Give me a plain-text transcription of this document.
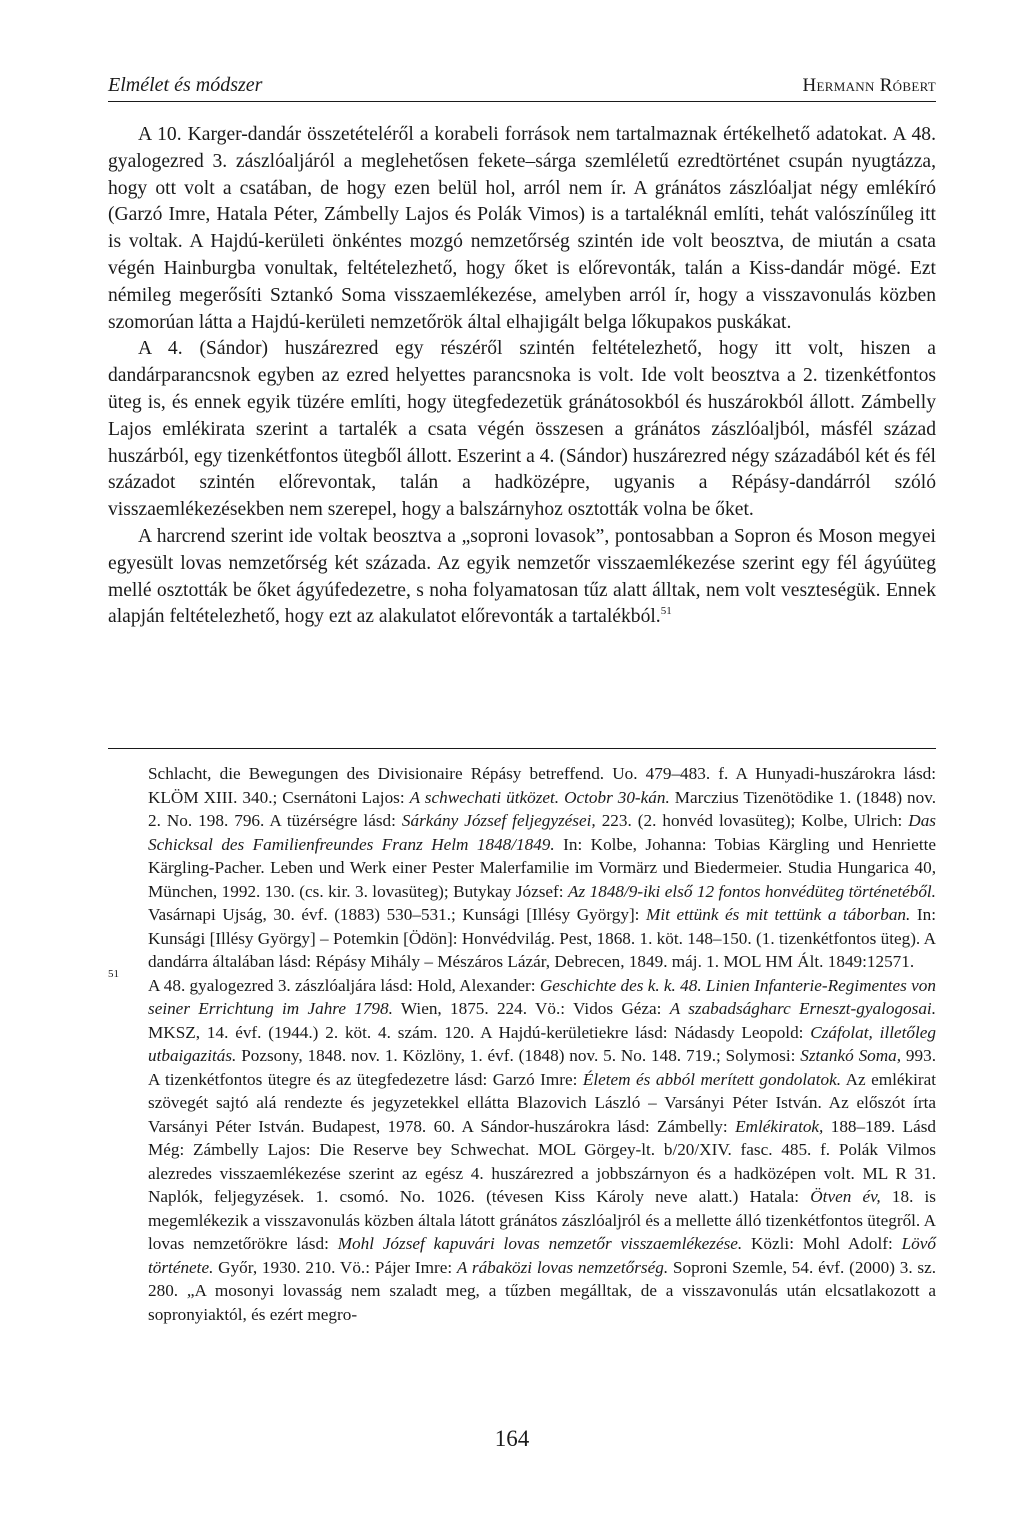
Elmélet és módszer	Hermann Róbert

A 10. Karger-dandár összetételéről a korabeli források nem tartalmaznak értékelhető adatokat. A 48. gyalogezred 3. zászlóaljáról a meglehetősen fekete–sárga szemléletű ezredtörténet csupán nyugtázza, hogy ott volt a csatában, de hogy ezen belül hol, arról nem ír. A gránátos zászlóaljat négy emlékíró (Garzó Imre, Hatala Péter, Zámbelly Lajos és Polák Vimos) is a tartaléknál említi, tehát valószínűleg itt is voltak. A Hajdú-kerületi önkéntes mozgó nemzetőrség szintén ide volt beosztva, de miután a csata végén Hainburgba vonultak, feltételezhető, hogy őket is előrevonták, talán a Kiss-dandár mögé. Ezt némileg megerősíti Sztankó Soma visszaemlékezése, amelyben arról ír, hogy a visszavonulás közben szomorúan látta a Hajdú-kerületi nemzetőrök által elhajigált belga lőkupakos puskákat.

A 4. (Sándor) huszárezred egy részéről szintén feltételezhető, hogy itt volt, hiszen a dandárparancsnok egyben az ezred helyettes parancsnoka is volt. Ide volt beosztva a 2. tizenkétfontos üteg is, és ennek egyik tüzére említi, hogy ütegfedezetük gránátosokból és huszárokból állott. Zámbelly Lajos emlékirata szerint a tartalék a csata végén összesen a gránátos zászlóaljból, másfél század huszárból, egy tizenkétfontos ütegből állott. Eszerint a 4. (Sándor) huszárezred négy századából két és fél századot szintén előrevontak, talán a hadközépre, ugyanis a Répásy-dandárról szóló visszaemlékezésekben nem szerepel, hogy a balszárnyhoz osztották volna be őket.

A harcrend szerint ide voltak beosztva a „soproni lovasok”, pontosabban a Sopron és Moson megyei egyesült lovas nemzetőrség két százada. Az egyik nemzetőr visszaemlékezése szerint egy fél ágyúüteg mellé osztották be őket ágyúfedezetre, s noha folyamatosan tűz alatt álltak, nem volt veszteségük. Ennek alapján feltételezhető, hogy ezt az alakulatot előrevonták a tartalékból.$^{51}$

Schlacht, die Bewegungen des Divisionaire Répásy betreffend. Uo. 479–483. f. A Hunyadi-huszárokra lásd: KLÖM XIII. 340.; Csernátoni Lajos: A schwechati ütközet. Octobr 30-kán. Marczius Tizenötödike 1. (1848) nov. 2. No. 198. 796. A tüzérségre lásd: Sárkány József feljegyzései, 223. (2. honvéd lovasüteg); Kolbe, Ulrich: Das Schicksal des Familienfreundes Franz Helm 1848/1849. In: Kolbe, Johanna: Tobias Kärgling und Henriette Kärgling-Pacher. Leben und Werk einer Pester Malerfamilie im Vormärz und Biedermeier. Studia Hungarica 40, München, 1992. 130. (cs. kir. 3. lovasüteg); Butykay József: Az 1848/9-iki első 12 fontos honvédüteg történetéből. Vasárnapi Ujság, 30. évf. (1883) 530–531.; Kunsági [Illésy György]: Mit ettünk és mit tettünk a táborban. In: Kunsági [Illésy György] – Potemkin [Ödön]: Honvédvilág. Pest, 1868. 1. köt. 148–150. (1. tizenkétfontos üteg). A dandárra általában lásd: Répásy Mihály – Mészáros Lázár, Debrecen, 1849. máj. 1. MOL HM Ált. 1849:12571.

51

A 48. gyalogezred 3. zászlóaljára lásd: Hold, Alexander: Geschichte des k. k. 48. Linien Infanterie-Regimentes von seiner Errichtung im Jahre 1798. Wien, 1875. 224. Vö.: Vidos Géza: A szabadságharc Erneszt-gyalogosai. MKSZ, 14. évf. (1944.) 2. köt. 4. szám. 120. A Hajdú-kerületiekre lásd: Nádasdy Leopold: Czáfolat, illetőleg utbaigazitás. Pozsony, 1848. nov. 1. Közlöny, 1. évf. (1848) nov. 5. No. 148. 719.; Solymosi: Sztankó Soma, 993. A tizenkétfontos ütegre és az ütegfedezetre lásd: Garzó Imre: Életem és abból merített gondolatok. Az emlékirat szövegét sajtó alá rendezte és jegyzetekkel ellátta Blazovich László – Varsányi Péter István. Az előszót írta Varsányi Péter István. Budapest, 1978. 60. A Sándor-huszárokra lásd: Zámbelly: Emlékiratok, 188–189. Lásd Még: Zámbelly Lajos: Die Reserve bey Schwechat. MOL Görgey-lt. b/20/XIV. fasc. 485. f. Polák Vilmos alezredes visszaemlékezése szerint az egész 4. huszárezred a jobbszárnyon és a hadközépen volt. ML R 31. Naplók, feljegyzések. 1. csomó. No. 1026. (tévesen Kiss Károly neve alatt.) Hatala: Ötven év, 18. is megemlékezik a visszavonulás közben általa látott gránátos zászlóaljról és a mellette álló tizenkétfontos ütegről. A lovas nemzetőrökre lásd: Mohl József kapuvári lovas nemzetőr visszaemlékezése. Közli: Mohl Adolf: Lövő története. Győr, 1930. 210. Vö.: Pájer Imre: A rábaközi lovas nemzetőrség. Soproni Szemle, 54. évf. (2000) 3. sz. 280. „A mosonyi lovasság nem szaladt meg, a tűzben megálltak, de a visszavonulás után elcsatlakozott a sopronyiaktól, és ezért megro-

164
